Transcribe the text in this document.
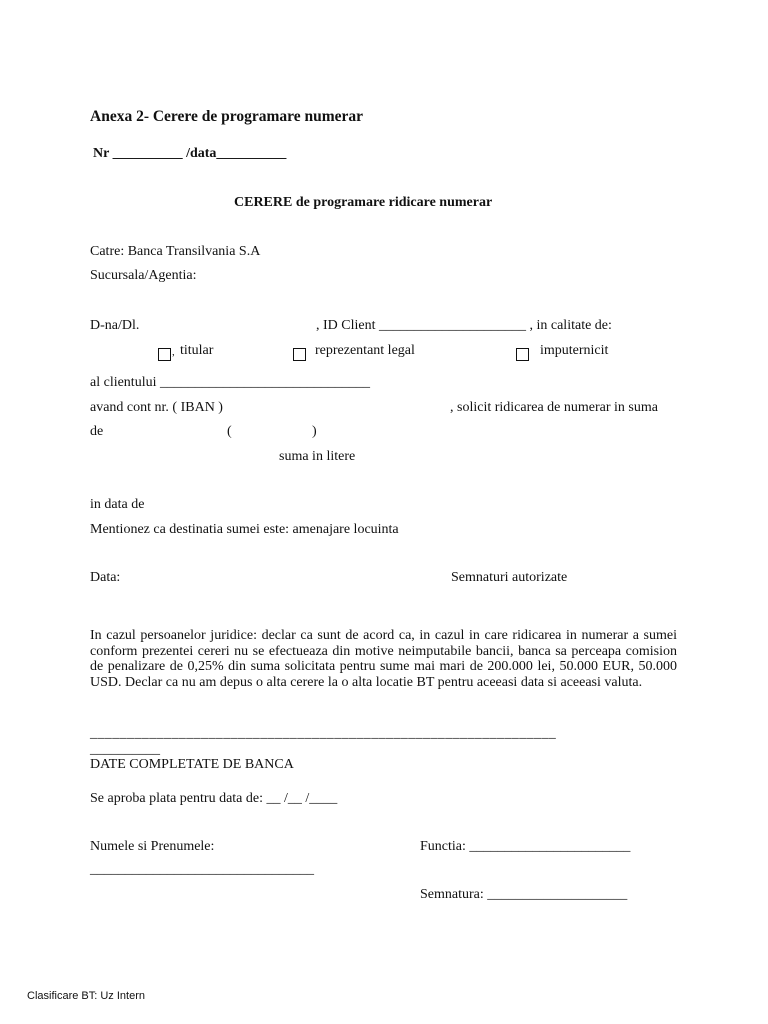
Anexa 2- Cerere de programare numerar
Nr __________ /data__________
CERERE de programare ridicare numerar
Catre: Banca Transilvania S.A
Sucursala/Agentia:
D-na/Dl.	, ID Client _____________________ , in calitate de:
, titular	reprezentant legal	imputernicit
al clientului ______________________________
avand cont nr. ( IBAN )	, solicit ridicarea de numerar in suma
de	(	)
suma in litere
in data de
Mentionez ca destinatia sumei este: amenajare locuinta
Data:	Semnaturi autorizate
In cazul persoanelor juridice: declar ca sunt de acord ca, in cazul in care ridicarea in numerar a sumei conform prezentei cereri nu se efectueaza din motive neimputabile bancii, banca sa perceapa comision de penalizare de 0,25% din suma solicitata pentru sume mai mari de 200.000 lei, 50.000 EUR, 50.000 USD. Declar ca nu am depus o alta cerere la o alta locatie BT pentru aceeasi data si aceeasi valuta.
_______________________________________________________________
__________
DATE COMPLETATE DE BANCA
Se aproba plata pentru data de: __ /__ /____
Numele si Prenumele:	Functia: _______________________
________________________________
Semnatura: ____________________
Clasificare BT: Uz Intern
